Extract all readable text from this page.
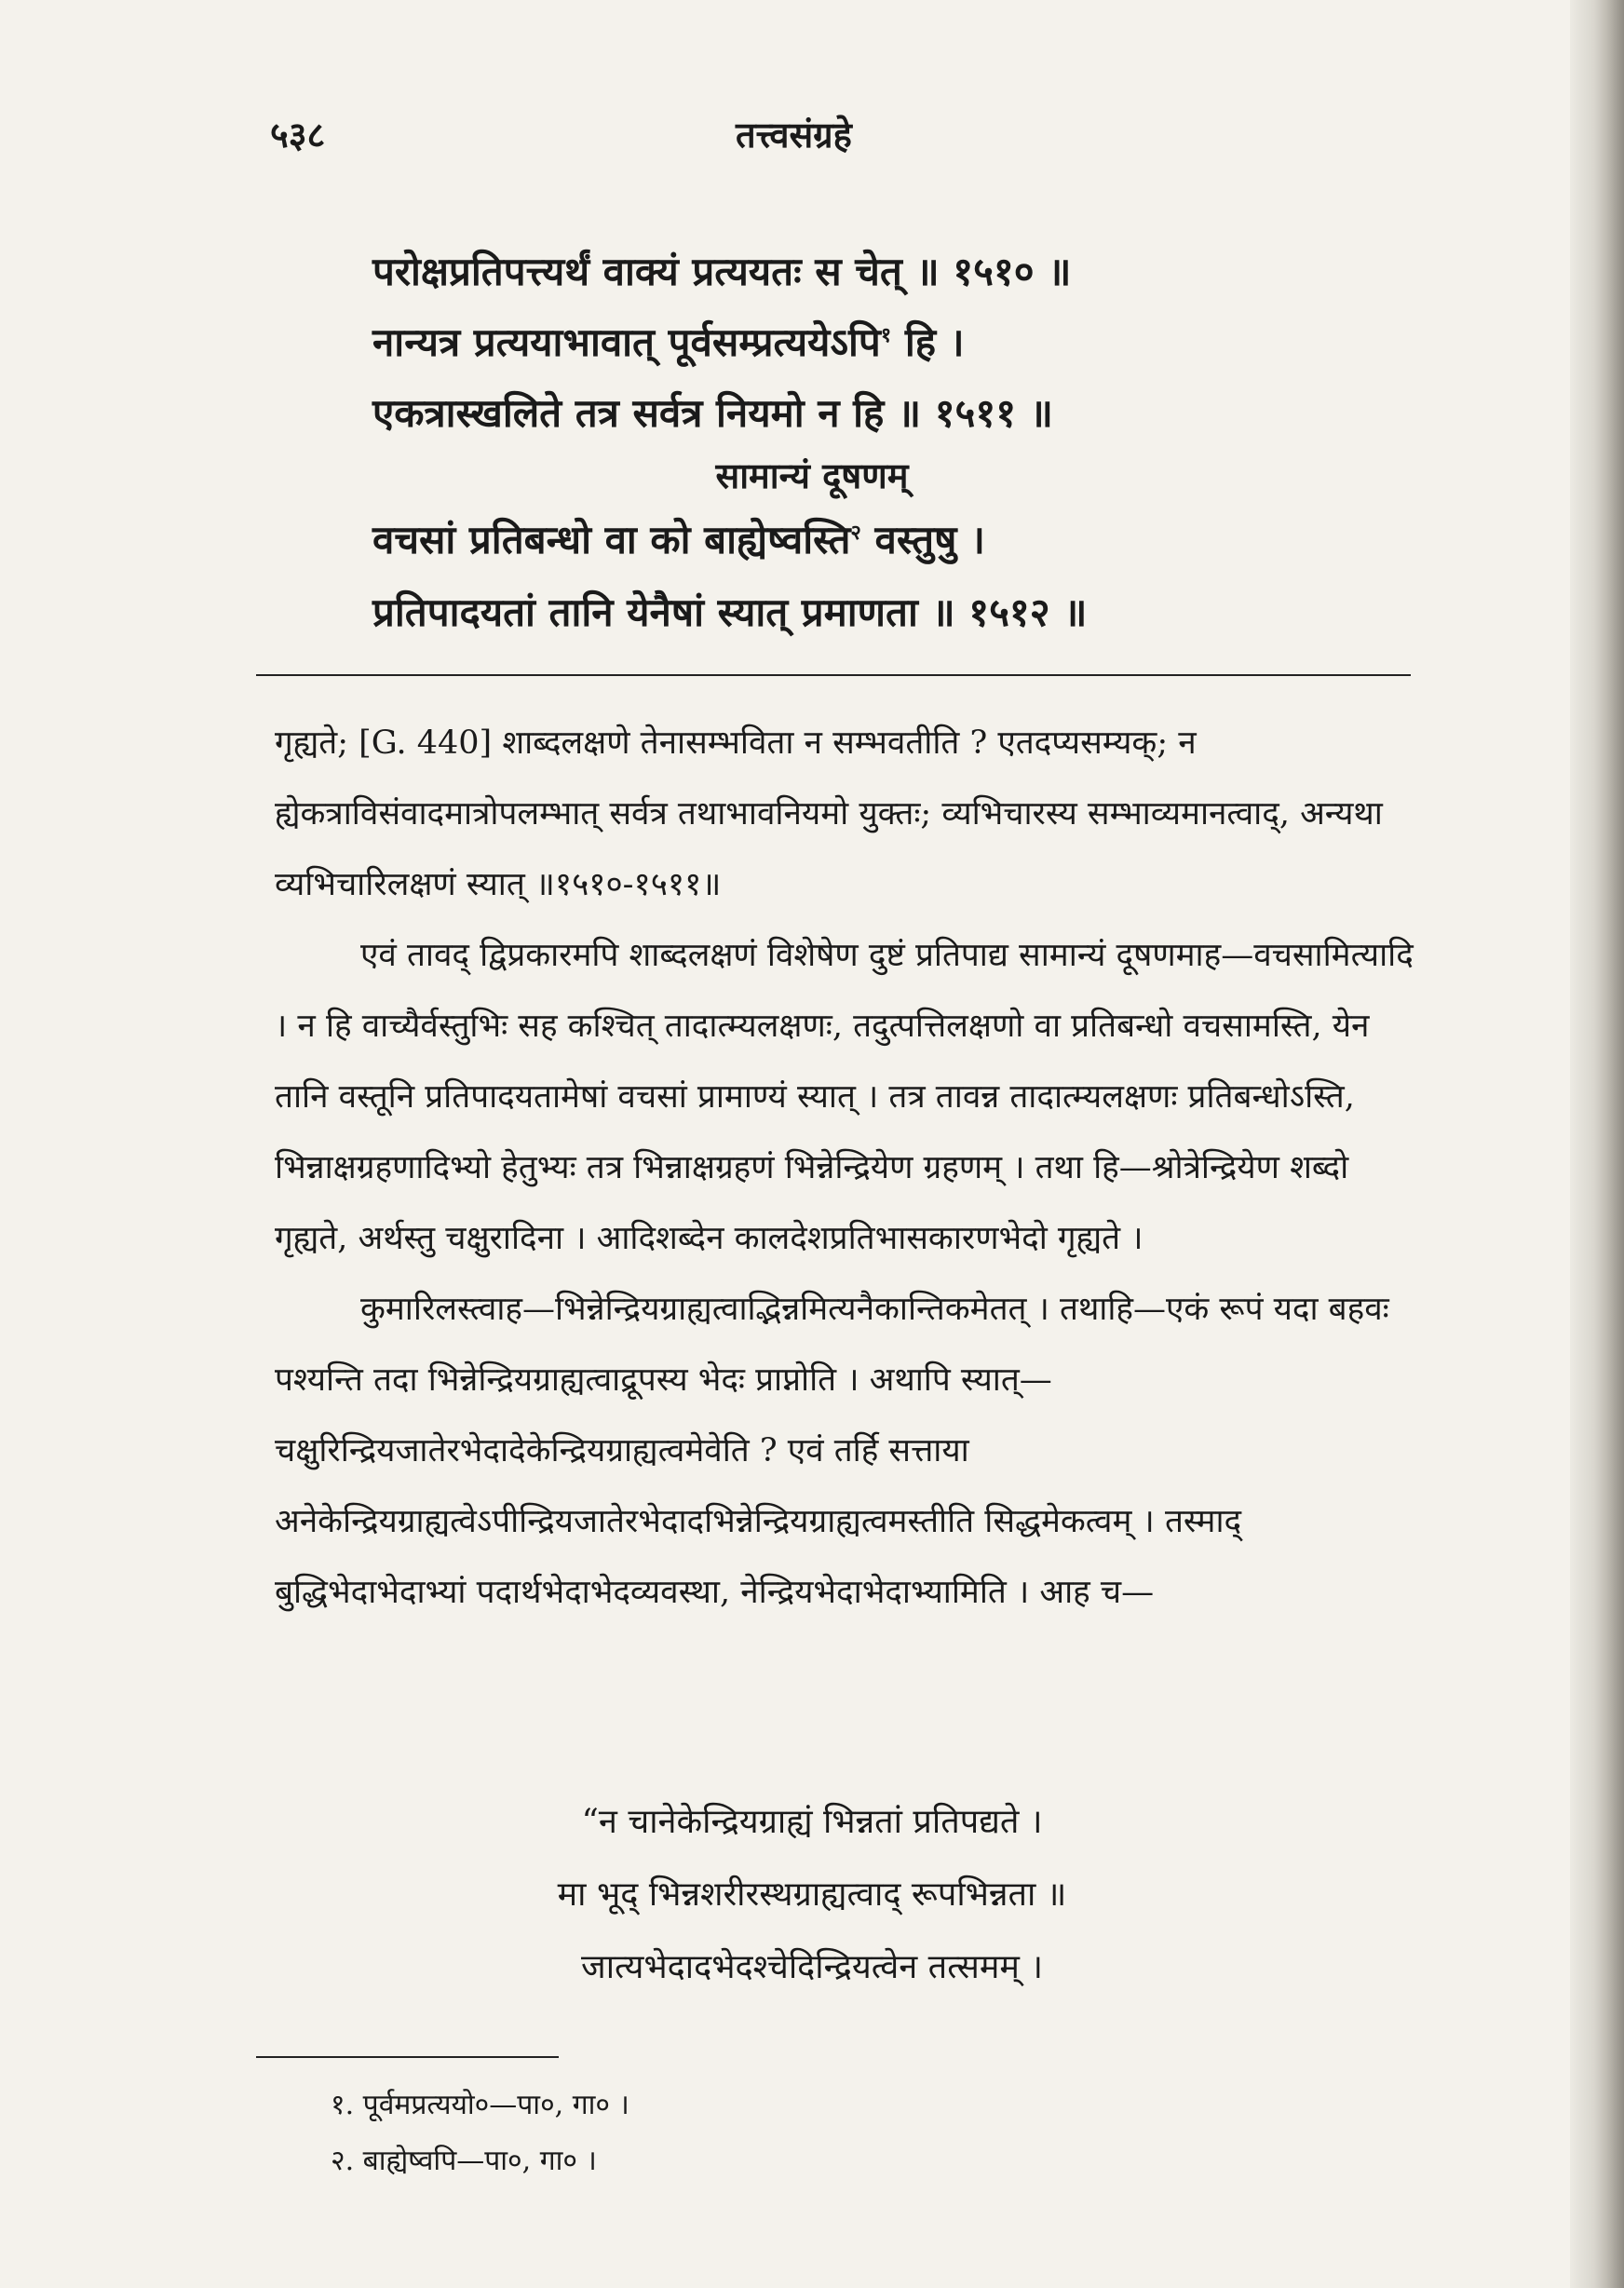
५३८	तत्त्वसंग्रहे
परोक्षप्रतिपत्त्यर्थं वाक्यं प्रत्ययतः स चेत् ॥ १५१० ॥
नान्यत्र प्रत्ययाभावात् पूर्वसम्प्रत्ययेऽपि$^१$ हि ।
एकत्रास्खलिते तत्र सर्वत्र नियमो न हि ॥ १५११ ॥
सामान्यं दूषणम्
वचसां प्रतिबन्धो वा को बाह्येष्वस्ति$^२$ वस्तुषु ।
प्रतिपादयतां तानि येनैषां स्यात् प्रमाणता ॥ १५१२ ॥

गृह्यते; [G. 440] शाब्दलक्षणे तेनासम्भविता न सम्भवतीति ? एतदप्यसम्यक्; न ह्येकत्राविसंवादमात्रोपलम्भात् सर्वत्र तथाभावनियमो युक्तः; व्यभिचारस्य सम्भाव्यमानत्वाद्, अन्यथा व्यभिचारिलक्षणं स्यात् ॥१५१०-१५११॥

एवं तावद् द्विप्रकारमपि शाब्दलक्षणं विशेषेण दुष्टं प्रतिपाद्य सामान्यं दूषणमाह—वचसामित्यादि । न हि वाच्यैर्वस्तुभिः सह कश्चित् तादात्म्यलक्षणः, तदुत्पत्तिलक्षणो वा प्रतिबन्धो वचसामस्ति, येन तानि वस्तूनि प्रतिपादयतामेषां वचसां प्रामाण्यं स्यात् । तत्र तावन्न तादात्म्यलक्षणः प्रतिबन्धोऽस्ति, भिन्नाक्षग्रहणादिभ्यो हेतुभ्यः तत्र भिन्नाक्षग्रहणं भिन्नेन्द्रियेण ग्रहणम् । तथा हि—श्रोत्रेन्द्रियेण शब्दो गृह्यते, अर्थस्तु चक्षुरादिना । आदिशब्देन कालदेशप्रतिभासकारणभेदो गृह्यते ।

कुमारिलस्त्वाह—भिन्नेन्द्रियग्राह्यत्वाद्भिन्नमित्यनैकान्तिकमेतत् । तथाहि—एकं रूपं यदा बहवः पश्यन्ति तदा भिन्नेन्द्रियग्राह्यत्वाद्रूपस्य भेदः प्राप्नोति । अथापि स्यात्—चक्षुरिन्द्रियजातेरभेदादेकेन्द्रियग्राह्यत्वमेवेति ? एवं तर्हि सत्ताया अनेकेन्द्रियग्राह्यत्वेऽपीन्द्रियजातेरभेदादभिन्नेन्द्रियग्राह्यत्वमस्तीति सिद्धमेकत्वम् । तस्माद् बुद्धिभेदाभेदाभ्यां पदार्थभेदाभेदव्यवस्था, नेन्द्रियभेदाभेदाभ्यामिति । आह च—

“न चानेकेन्द्रियग्राह्यं भिन्नतां प्रतिपद्यते ।
मा भूद् भिन्नशरीरस्थग्राह्यत्वाद् रूपभिन्नता ॥
जात्यभेदादभेदश्चेदिन्द्रियत्वेन तत्समम् ।
१. पूर्वमप्रत्ययो०—पा०, गा० ।
२. बाह्येष्वपि—पा०, गा० ।
